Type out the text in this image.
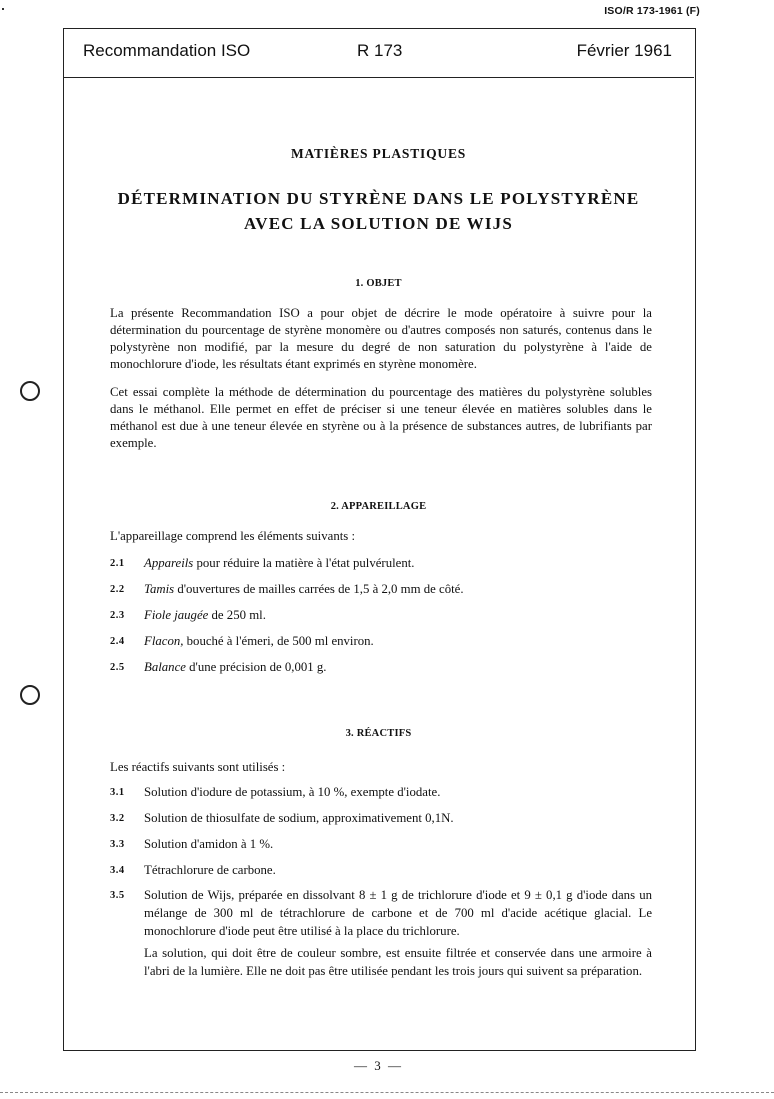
ISO/R 173-1961 (F)
Recommandation ISO	R 173	Février 1961
MATIÈRES PLASTIQUES
DÉTERMINATION DU STYRÈNE DANS LE POLYSTYRÈNE
AVEC LA SOLUTION DE WIJS
1. OBJET
La présente Recommandation ISO a pour objet de décrire le mode opératoire à suivre pour la détermination du pourcentage de styrène monomère ou d'autres composés non saturés, contenus dans le polystyrène non modifié, par la mesure du degré de non saturation du polystyrène à l'aide de monochlorure d'iode, les résultats étant exprimés en styrène monomère.
Cet essai complète la méthode de détermination du pourcentage des matières du polystyrène solubles dans le méthanol. Elle permet en effet de préciser si une teneur élevée en matières solubles dans le méthanol est due à une teneur élevée en styrène ou à la présence de substances autres, de lubrifiants par exemple.
2. APPAREILLAGE
L'appareillage comprend les éléments suivants :
2.1 Appareils pour réduire la matière à l'état pulvérulent.
2.2 Tamis d'ouvertures de mailles carrées de 1,5 à 2,0 mm de côté.
2.3 Fiole jaugée de 250 ml.
2.4 Flacon, bouché à l'émeri, de 500 ml environ.
2.5 Balance d'une précision de 0,001 g.
3. RÉACTIFS
Les réactifs suivants sont utilisés :
3.1 Solution d'iodure de potassium, à 10 %, exempte d'iodate.
3.2 Solution de thiosulfate de sodium, approximativement 0,1N.
3.3 Solution d'amidon à 1 %.
3.4 Tétrachlorure de carbone.
3.5 Solution de Wijs, préparée en dissolvant 8 ± 1 g de trichlorure d'iode et 9 ± 0,1 g d'iode dans un mélange de 300 ml de tétrachlorure de carbone et de 700 ml d'acide acétique glacial. Le monochlorure d'iode peut être utilisé à la place du trichlorure.
La solution, qui doit être de couleur sombre, est ensuite filtrée et conservée dans une armoire à l'abri de la lumière. Elle ne doit pas être utilisée pendant les trois jours qui suivent sa préparation.
— 3 —
